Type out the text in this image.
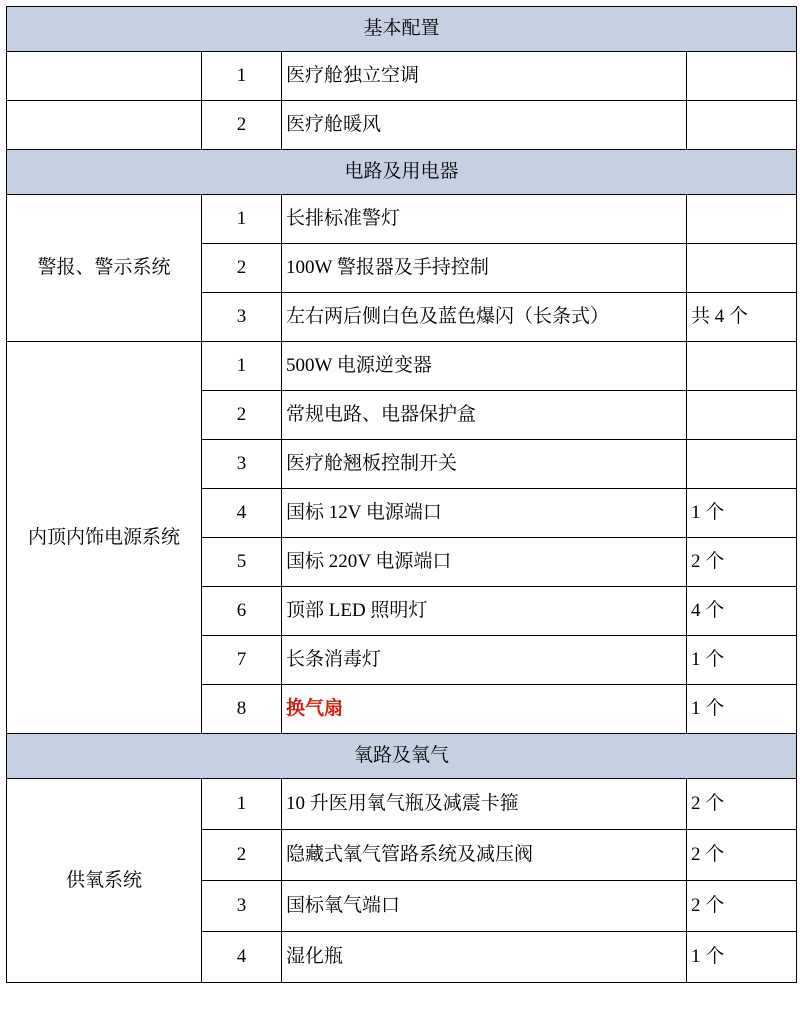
基本配置			
	1	医疗舱独立空调	
	2	医疗舱暖风	
电路及用电器			
警报、警示系统	1	长排标准警灯	
	2	100W 警报器及手持控制	
	3	左右两后侧白色及蓝色爆闪（长条式）	共 4 个
内顶内饰电源系统	1	500W 电源逆变器	
	2	常规电路、电器保护盒	
	3	医疗舱翘板控制开关	
	4	国标 12V 电源端口	1 个
	5	国标 220V 电源端口	2 个
	6	顶部 LED 照明灯	4 个
	7	长条消毒灯	1 个
	8	换气扇	1 个
氧路及氧气			
供氧系统	1	10 升医用氧气瓶及减震卡箍	2 个
	2	隐藏式氧气管路系统及减压阀	2 个
	3	国标氧气端口	2 个
	4	湿化瓶	1 个
